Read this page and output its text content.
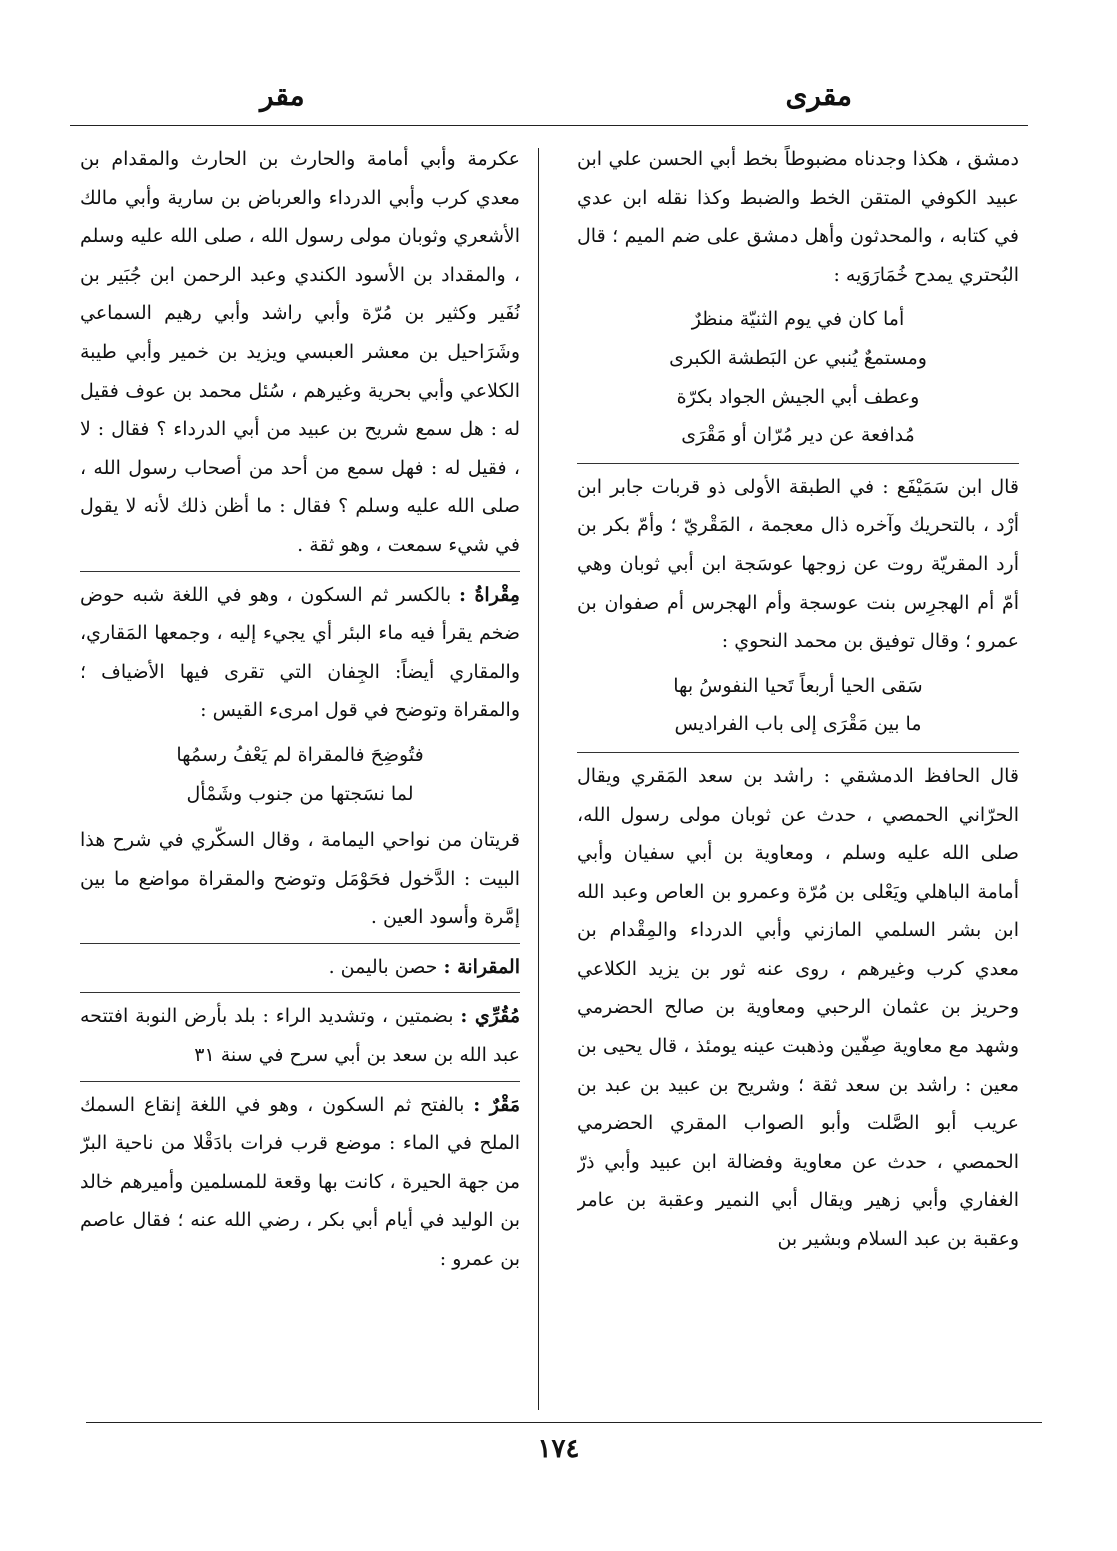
مقرى
مقر

دمشق ، هكذا وجدناه مضبوطاً بخط أبي الحسن علي ابن عبيد الكوفي المتقن الخط والضبط وكذا نقله ابن عدي في كتابه ، والمحدثون وأهل دمشق على ضم الميم ؛ قال البُحتري يمدح خُمَارَوَيه :

أما كان في يوم الثنيّة منظرٌ
ومستمعٌ يُنبي عن البَطشة الكبرى
وعطف أبي الجيش الجواد بكرّة
مُدافعة عن دير مُرّان أو مَقْرَى

قال ابن سَمَيْفَع : في الطبقة الأولى ذو قربات جابر ابن أرْد ، بالتحريك وآخره ذال معجمة ، المَقْريّ ؛ وأمّ بكر بن أرد المقريّة روت عن زوجها عوسَجة ابن أبي ثوبان وهي أمّ أم الهجرِس بنت عوسجة وأم الهجرس أم صفوان بن عمرو ؛ وقال توفيق بن محمد النحوي :

سَقى الحيا أربعاً تَحيا النفوسُ بها
ما بين مَقْرَى إلى باب الفراديس

قال الحافظ الدمشقي : راشد بن سعد المَقري ويقال الحرّاني الحمصي ، حدث عن ثوبان مولى رسول الله، صلى الله عليه وسلم ، ومعاوية بن أبي سفيان وأبي أمامة الباهلي ويَعْلى بن مُرّة وعمرو بن العاص وعبد الله ابن بشر السلمي المازني وأبي الدرداء والمِقْدام بن معدي كرب وغيرهم ، روى عنه ثور بن يزيد الكلاعي وحريز بن عثمان الرحبي ومعاوية بن صالح الحضرمي وشهد مع معاوية صِفّين وذهبت عينه يومئذ ، قال يحيى بن معين : راشد بن سعد ثقة ؛ وشريح بن عبيد بن عبد بن عريب أبو الصَّلت وأبو الصواب المقري الحضرمي الحمصي ، حدث عن معاوية وفضالة ابن عبيد وأبي ذرّ الغفاري وأبي زهير ويقال أبي النمير وعقبة بن عامر وعقبة بن عبد السلام وبشير بن

عكرمة وأبي أمامة والحارث بن الحارث والمقدام بن معدي كرب وأبي الدرداء والعرباض بن سارية وأبي مالك الأشعري وثوبان مولى رسول الله ، صلى الله عليه وسلم ، والمقداد بن الأسود الكندي وعبد الرحمن ابن جُبَير بن نُفَير وكثير بن مُرّة وأبي راشد وأبي رهيم السماعي وشَرَاحيل بن معشر العبسي ويزيد بن خمير وأبي طيبة الكلاعي وأبي بحرية وغيرهم ، سُئل محمد بن عوف فقيل له : هل سمع شريح بن عبيد من أبي الدرداء ؟ فقال : لا ، فقيل له : فهل سمع من أحد من أصحاب رسول الله ، صلى الله عليه وسلم ؟ فقال : ما أظن ذلك لأنه لا يقول في شيء سمعت ، وهو ثقة .

مِقْراةُ : بالكسر ثم السكون ، وهو في اللغة شبه حوض ضخم يقرأ فيه ماء البئر أي يجيء إليه ، وجمعها المَقاري، والمقاري أيضاً: الجِفان التي تقرى فيها الأضياف ؛ والمقراة وتوضح في قول امرىء القيس :

فتُوضِحَ فالمقراة لم يَعْفُ رسمُها
لما نسَجتها من جنوب وشَمْأل

قريتان من نواحي اليمامة ، وقال السكّري في شرح هذا البيت : الدَّخول فحَوْمَل وتوضح والمقراة مواضع ما بين إمَّرة وأسود العين .

المقرانة : حصن باليمن .

مُقُرِّي : بضمتين ، وتشديد الراء : بلد بأرض النوبة افتتحه عبد الله بن سعد بن أبي سرح في سنة ٣١

مَقْرٌ : بالفتح ثم السكون ، وهو في اللغة إنقاع السمك الملح في الماء : موضع قرب فرات بادَقْلا من ناحية البرّ من جهة الحيرة ، كانت بها وقعة للمسلمين وأميرهم خالد بن الوليد في أيام أبي بكر ، رضي الله عنه ؛ فقال عاصم بن عمرو :

١٧٤
